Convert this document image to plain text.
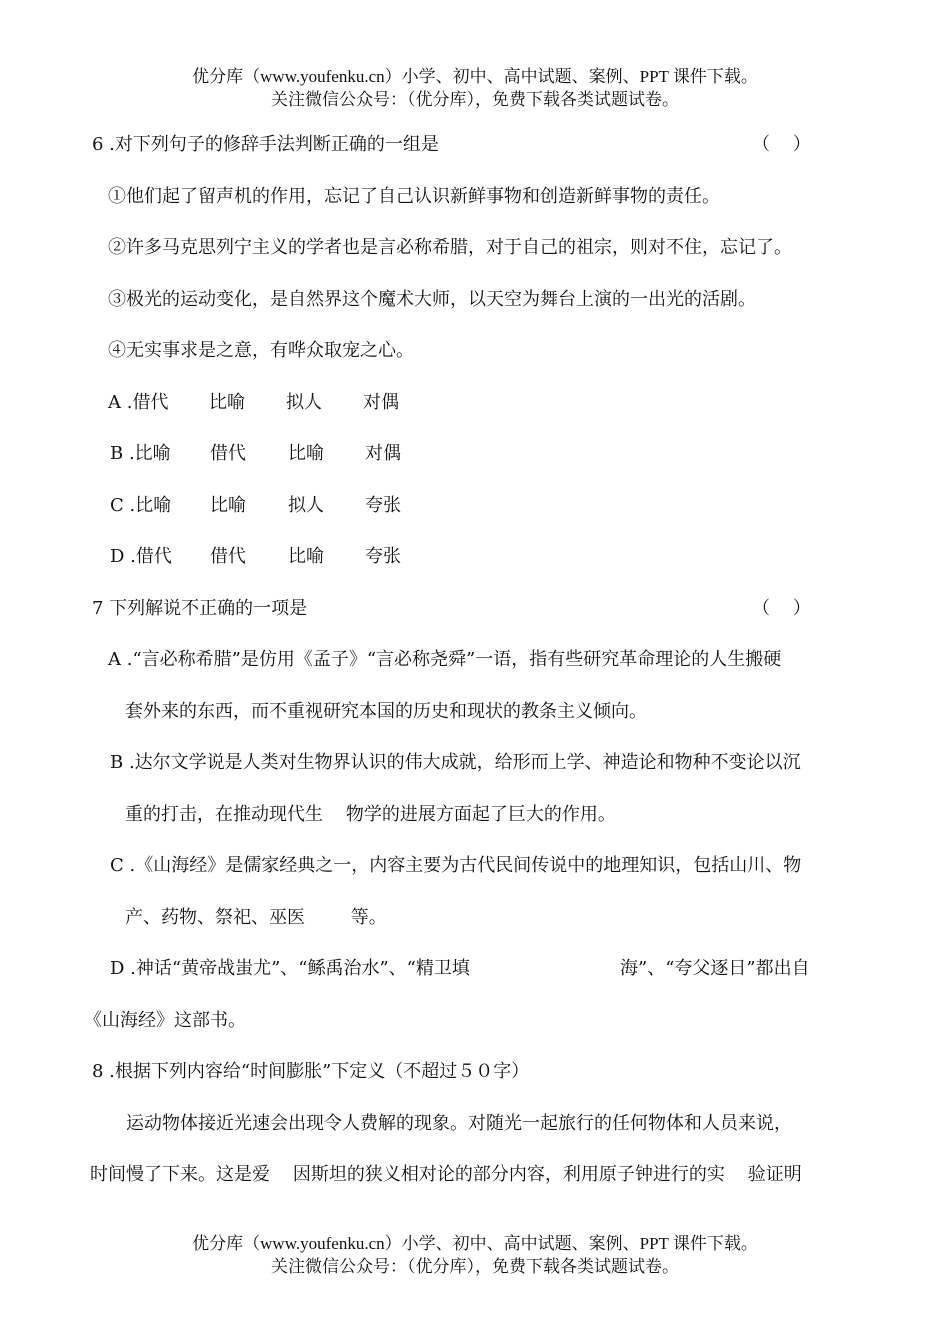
优分库（www.youfenku.cn）小学、初中、高中试题、案例、PPT 课件下载。
关注微信公众号：（优分库），免费下载各类试题试卷。
6 .对下列句子的修辞手法判断正确的一组是	（    ）
①他们起了留声机的作用，忘记了自己认识新鲜事物和创造新鲜事物的责任。
②许多马克思列宁主义的学者也是言必称希腊，对于自己的祖宗，则对不住，忘记了。
③极光的运动变化，是自然界这个魔术大师，以天空为舞台上演的一出光的活剧。
④无实事求是之意，有哗众取宠之心。
A .借代 比喻 拟人 对偶
B .比喻 借代 比喻 对偶
C .比喻 比喻 拟人 夸张
D .借代 借代 比喻 夸张
7 下列解说不正确的一项是	（    ）
A .“言必称希腊”是仿用《孟子》“言必称尧舜”一语，指有些研究革命理论的人生搬硬
套外来的东西，而不重视研究本国的历史和现状的教条主义倾向。
B .达尔文学说是人类对生物界认识的伟大成就，给形而上学、神造论和物种不变论以沉
重的打击，在推动现代生    物学的进展方面起了巨大的作用。
C .《山海经》是儒家经典之一，内容主要为古代民间传说中的地理知识，包括山川、物
产、药物、祭祀、巫医        等。
D .神话“黄帝战蚩尤”、“鲧禹治水”、“精卫填	海”、“夸父逐日”都出自
《山海经》这部书。
8 .根据下列内容给“时间膨胀”下定义（不超过５０字）
运动物体接近光速会出现令人费解的现象。对随光一起旅行的任何物体和人员来说，
时间慢了下来。这是爱    因斯坦的狭义相对论的部分内容，利用原子钟进行的实    验证明
优分库（www.youfenku.cn）小学、初中、高中试题、案例、PPT 课件下载。
关注微信公众号：（优分库），免费下载各类试题试卷。
